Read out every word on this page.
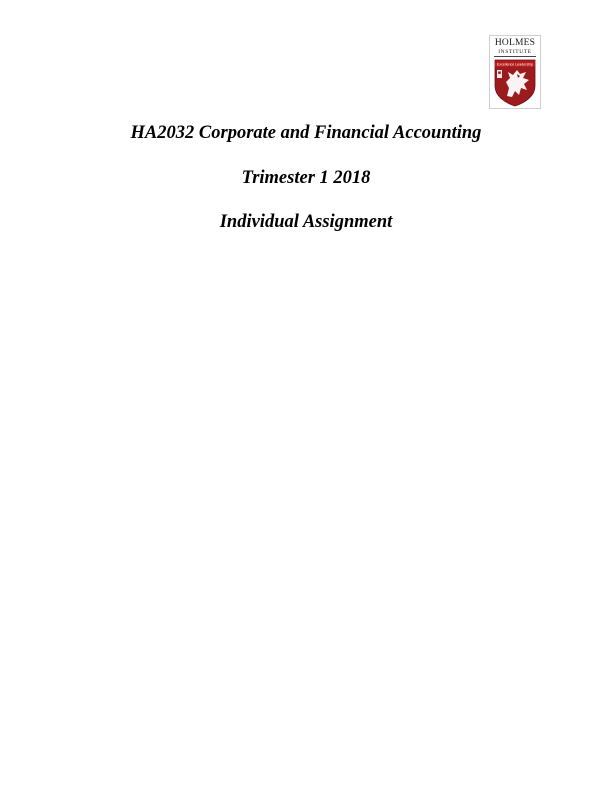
HOLMES
INSTITUTE
Excellence Leadership
HA2032 Corporate and Financial Accounting
Trimester 1 2018
Individual Assignment
